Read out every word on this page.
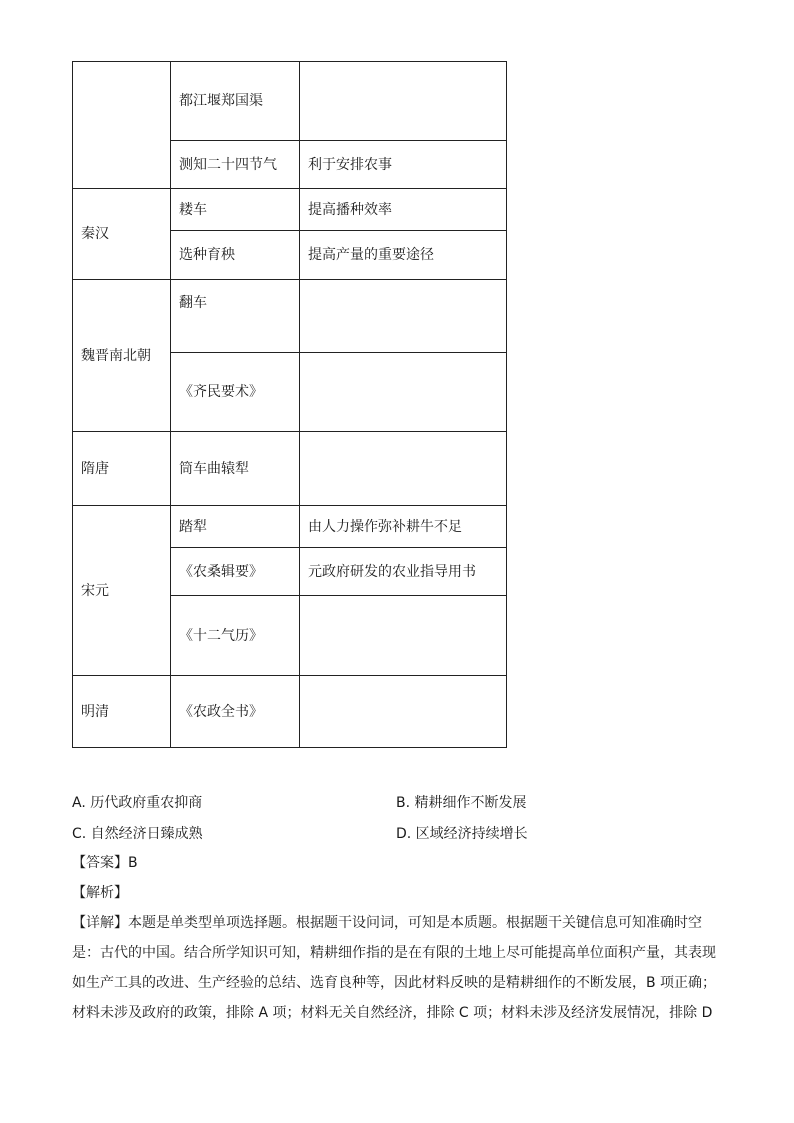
	都江堰郑国渠	
	测知二十四节气	利于安排农事
秦汉	耧车	提高播种效率
	选种育秧	提高产量的重要途径
魏晋南北朝	翻车	
	《齐民要术》	
隋唐	筒车曲辕犁	
宋元	踏犁	由人力操作弥补耕牛不足
	《农桑辑要》	元政府研发的农业指导用书
	《十二气历》	
明清	《农政全书》	
A. 历代政府重农抑商	B. 精耕细作不断发展
C. 自然经济日臻成熟	D. 区域经济持续增长
【答案】B
【解析】
【详解】本题是单类型单项选择题。根据题干设问词，可知是本质题。根据题干关键信息可知准确时空
是：古代的中国。结合所学知识可知，精耕细作指的是在有限的土地上尽可能提高单位面积产量，其表现
如生产工具的改进、生产经验的总结、选育良种等，因此材料反映的是精耕细作的不断发展，B 项正确；
材料未涉及政府的政策，排除 A 项；材料无关自然经济，排除 C 项；材料未涉及经济发展情况，排除 D
